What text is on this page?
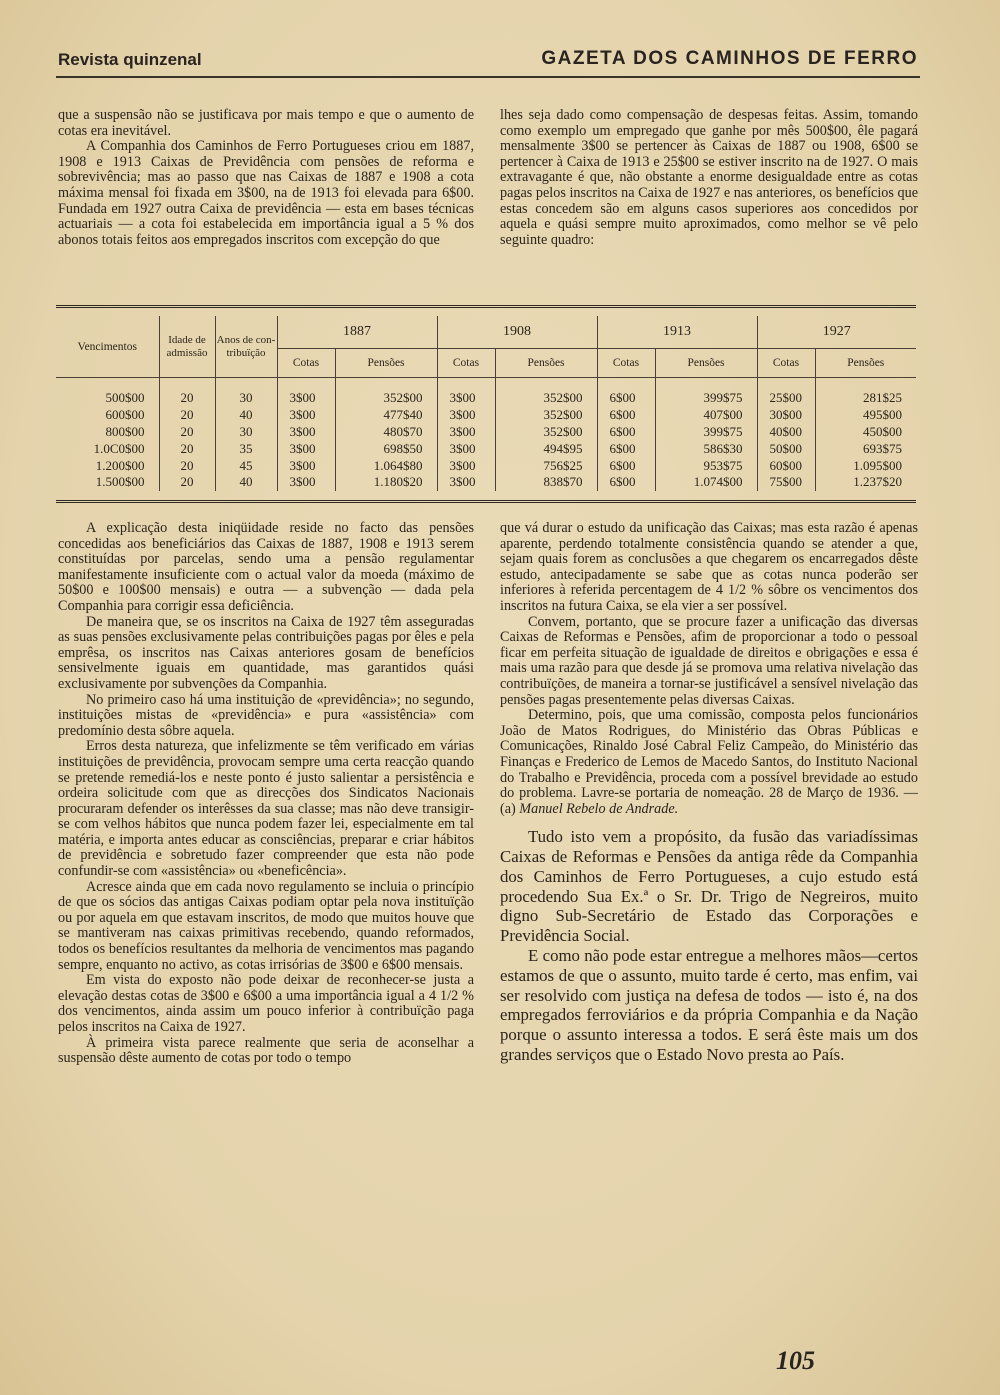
Revista quinzenal	GAZETA DOS CAMINHOS DE FERRO

que a suspensão não se justificava por mais tempo e que o aumento de cotas era inevitável.

A Companhia dos Caminhos de Ferro Portugueses criou em 1887, 1908 e 1913 Caixas de Previdência com pensões de reforma e sobrevivência; mas ao passo que nas Caixas de 1887 e 1908 a cota máxima mensal foi fixada em 3$00, na de 1913 foi elevada para 6$00. Fundada em 1927 outra Caixa de previdência — esta em bases técnicas actuariais — a cota foi estabelecida em importância igual a 5 % dos abonos totais feitos aos empregados inscritos com excepção do que

lhes seja dado como compensação de despesas feitas. Assim, tomando como exemplo um empregado que ganhe por mês 500$00, êle pagará mensalmente 3$00 se pertencer às Caixas de 1887 ou 1908, 6$00 se pertencer à Caixa de 1913 e 25$00 se estiver inscrito na de 1927. O mais extravagante é que, não obstante a enorme desigualdade entre as cotas pagas pelos inscritos na Caixa de 1927 e nas anteriores, os benefícios que estas concedem são em alguns casos superiores aos concedidos por aquela e quási sempre muito aproximados, como melhor se vê pelo seguinte quadro:

Vencimentos	Idade de admissão	Anos de con- tribuïção	1887		1908		1913		1927	
			Cotas	Pensões	Cotas	Pensões	Cotas	Pensões	Cotas	Pensões

500$00	20	30	3$00	352$00	3$00	352$00	6$00	399$75	25$00	281$25
600$00	20	40	3$00	477$40	3$00	352$00	6$00	407$00	30$00	495$00
800$00	20	30	3$00	480$70	3$00	352$00	6$00	399$75	40$00	450$00
1.0C0$00	20	35	3$00	698$50	3$00	494$95	6$00	586$30	50$00	693$75
1.200$00	20	45	3$00	1.064$80	3$00	756$25	6$00	953$75	60$00	1.095$00
1.500$00	20	40	3$00	1.180$20	3$00	838$70	6$00	1.074$00	75$00	1.237$20

A explicação desta iniqüidade reside no facto das pensões concedidas aos beneficiários das Caixas de 1887, 1908 e 1913 serem constituídas por parcelas, sendo uma a pensão regulamentar manifestamente insuficiente com o actual valor da moeda (máximo de 50$00 e 100$00 mensais) e outra — a subvenção — dada pela Companhia para corrigir essa deficiência.

De maneira que, se os inscritos na Caixa de 1927 têm asseguradas as suas pensões exclusivamente pelas contribuições pagas por êles e pela emprêsa, os inscritos nas Caixas anteriores gosam de benefícios sensivelmente iguais em quantidade, mas garantidos quási exclusivamente por subvenções da Companhia.

No primeiro caso há uma instituição de «previdência»; no segundo, instituições mistas de «previdência» e pura «assistência» com predomínio desta sôbre aquela.

Erros desta natureza, que infelizmente se têm verificado em várias instituições de previdência, provocam sempre uma certa reacção quando se pretende remediá-los e neste ponto é justo salientar a persistência e ordeira solicitude com que as direcções dos Sindicatos Nacionais procuraram defender os interêsses da sua classe; mas não deve transigir-se com velhos hábitos que nunca podem fazer lei, especialmente em tal matéria, e importa antes educar as consciências, preparar e criar hábitos de previdência e sobretudo fazer compreender que esta não pode confundir-se com «assistência» ou «beneficência».

Acresce ainda que em cada novo regulamento se incluia o princípio de que os sócios das antigas Caixas podiam optar pela nova instituïção ou por aquela em que estavam inscritos, de modo que muitos houve que se mantiveram nas caixas primitivas recebendo, quando reformados, todos os benefícios resultantes da melhoria de vencimentos mas pagando sempre, enquanto no activo, as cotas irrisórias de 3$00 e 6$00 mensais.

Em vista do exposto não pode deixar de reconhecer-se justa a elevação destas cotas de 3$00 e 6$00 a uma importância igual a 4 1/2 % dos vencimentos, ainda assim um pouco inferior à contribuïção paga pelos inscritos na Caixa de 1927.

À primeira vista parece realmente que seria de aconselhar a suspensão dêste aumento de cotas por todo o tempo

que vá durar o estudo da unificação das Caixas; mas esta razão é apenas aparente, perdendo totalmente consistência quando se atender a que, sejam quais forem as conclusões a que chegarem os encarregados dêste estudo, antecipadamente se sabe que as cotas nunca poderão ser inferiores à referida percentagem de 4 1/2 % sôbre os vencimentos dos inscritos na futura Caixa, se ela vier a ser possível.

Convem, portanto, que se procure fazer a unificação das diversas Caixas de Reformas e Pensões, afim de proporcionar a todo o pessoal ficar em perfeita situação de igualdade de direitos e obrigações e essa é mais uma razão para que desde já se promova uma relativa nivelação das contribuïções, de maneira a tornar-se justificável a sensível nivelação das pensões pagas presentemente pelas diversas Caixas.

Determino, pois, que uma comissão, composta pelos funcionários João de Matos Rodrigues, do Ministério das Obras Públicas e Comunicações, Rinaldo José Cabral Feliz Campeão, do Ministério das Finanças e Frederico de Lemos de Macedo Santos, do Instituto Nacional do Trabalho e Previdência, proceda com a possível brevidade ao estudo do problema. Lavre-se portaria de nomeação. 28 de Março de 1936. — (a) Manuel Rebelo de Andrade.

Tudo isto vem a propósito, da fusão das variadíssimas Caixas de Reformas e Pensões da antiga rêde da Companhia dos Caminhos de Ferro Portugueses, a cujo estudo está procedendo Sua Ex.ª o Sr. Dr. Trigo de Negreiros, muito digno Sub-Secretário de Estado das Corporações e Previdência Social.

E como não pode estar entregue a melhores mãos—certos estamos de que o assunto, muito tarde é certo, mas enfim, vai ser resolvido com justiça na defesa de todos — isto é, na dos empregados ferroviários e da própria Companhia e da Nação porque o assunto interessa a todos. E será êste mais um dos grandes serviços que o Estado Novo presta ao País.

105
